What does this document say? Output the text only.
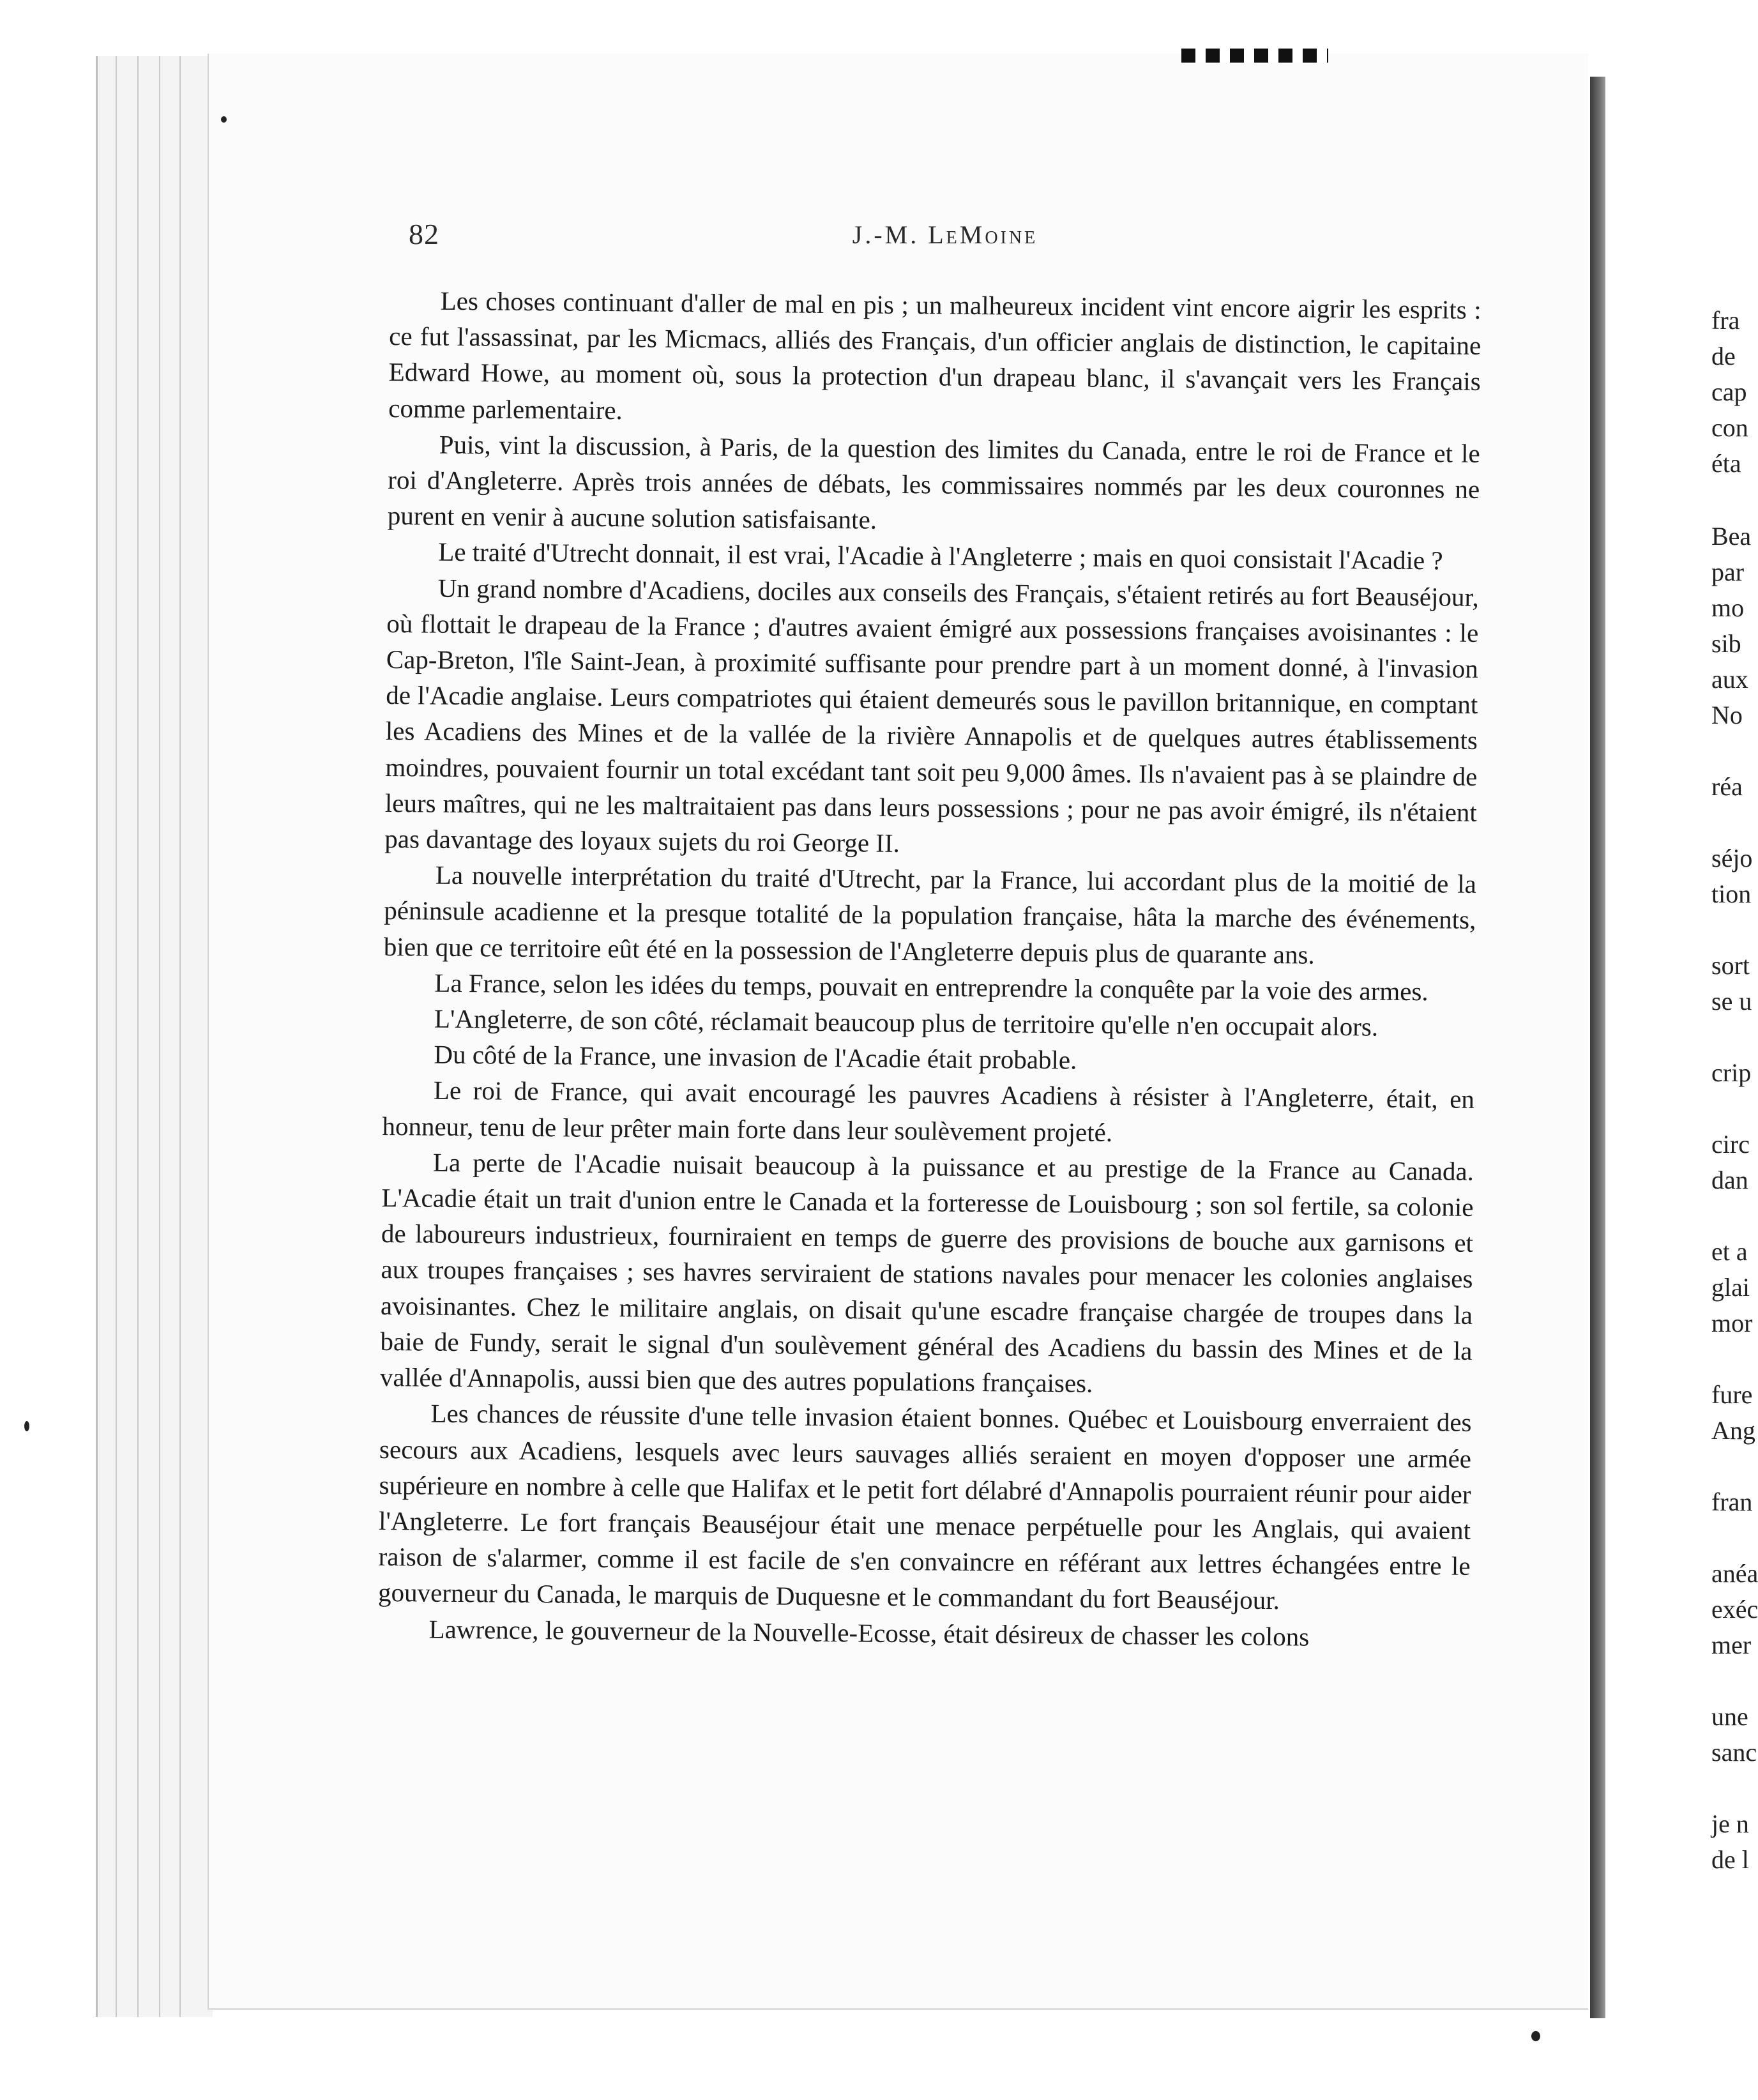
82	J.-M. LeMoine

Les choses continuant d'aller de mal en pis ; un malheureux incident vint encore aigrir les esprits : ce fut l'assassinat, par les Micmacs, alliés des Français, d'un officier anglais de distinction, le capitaine Edward Howe, au moment où, sous la protection d'un drapeau blanc, il s'avançait vers les Français comme parlementaire.

Puis, vint la discussion, à Paris, de la question des limites du Canada, entre le roi de France et le roi d'Angleterre. Après trois années de débats, les commissaires nommés par les deux couronnes ne purent en venir à aucune solution satisfaisante.

Le traité d'Utrecht donnait, il est vrai, l'Acadie à l'Angleterre ; mais en quoi consistait l'Acadie ?

Un grand nombre d'Acadiens, dociles aux conseils des Français, s'étaient retirés au fort Beauséjour, où flottait le drapeau de la France ; d'autres avaient émigré aux possessions françaises avoisinantes : le Cap-Breton, l'île Saint-Jean, à proximité suffisante pour prendre part à un moment donné, à l'invasion de l'Acadie anglaise. Leurs compatriotes qui étaient demeurés sous le pavillon britannique, en comptant les Acadiens des Mines et de la vallée de la rivière Annapolis et de quelques autres établissements moindres, pouvaient fournir un total excédant tant soit peu 9,000 âmes. Ils n'avaient pas à se plaindre de leurs maîtres, qui ne les maltraitaient pas dans leurs possessions ; pour ne pas avoir émigré, ils n'étaient pas davantage des loyaux sujets du roi George II.

La nouvelle interprétation du traité d'Utrecht, par la France, lui accordant plus de la moitié de la péninsule acadienne et la presque totalité de la population française, hâta la marche des événements, bien que ce territoire eût été en la possession de l'Angleterre depuis plus de quarante ans.

La France, selon les idées du temps, pouvait en entreprendre la conquête par la voie des armes.

L'Angleterre, de son côté, réclamait beaucoup plus de territoire qu'elle n'en occupait alors.

Du côté de la France, une invasion de l'Acadie était probable.

Le roi de France, qui avait encouragé les pauvres Acadiens à résister à l'Angleterre, était, en honneur, tenu de leur prêter main forte dans leur soulèvement projeté.

La perte de l'Acadie nuisait beaucoup à la puissance et au prestige de la France au Canada. L'Acadie était un trait d'union entre le Canada et la forteresse de Louisbourg ; son sol fertile, sa colonie de laboureurs industrieux, fourniraient en temps de guerre des provisions de bouche aux garnisons et aux troupes françaises ; ses havres serviraient de stations navales pour menacer les colonies anglaises avoisinantes. Chez le militaire anglais, on disait qu'une escadre française chargée de troupes dans la baie de Fundy, serait le signal d'un soulèvement général des Acadiens du bassin des Mines et de la vallée d'Annapolis, aussi bien que des autres populations françaises.

Les chances de réussite d'une telle invasion étaient bonnes. Québec et Louisbourg enverraient des secours aux Acadiens, lesquels avec leurs sauvages alliés seraient en moyen d'opposer une armée supérieure en nombre à celle que Halifax et le petit fort délabré d'Annapolis pourraient réunir pour aider l'Angleterre. Le fort français Beauséjour était une menace perpétuelle pour les Anglais, qui avaient raison de s'alarmer, comme il est facile de s'en convaincre en référant aux lettres échangées entre le gouverneur du Canada, le marquis de Duquesne et le commandant du fort Beauséjour.

Lawrence, le gouverneur de la Nouvelle-Ecosse, était désireux de chasser les colons

fra
de
cap
con
éta
Bea
par
mo
sib
aux
No
réa
séjo
tion
sort
se u
crip
circ
dan
et a
glai
mor
fure
Ang
fran
anéa
exéc
mer
une
sanc
je n
de l
